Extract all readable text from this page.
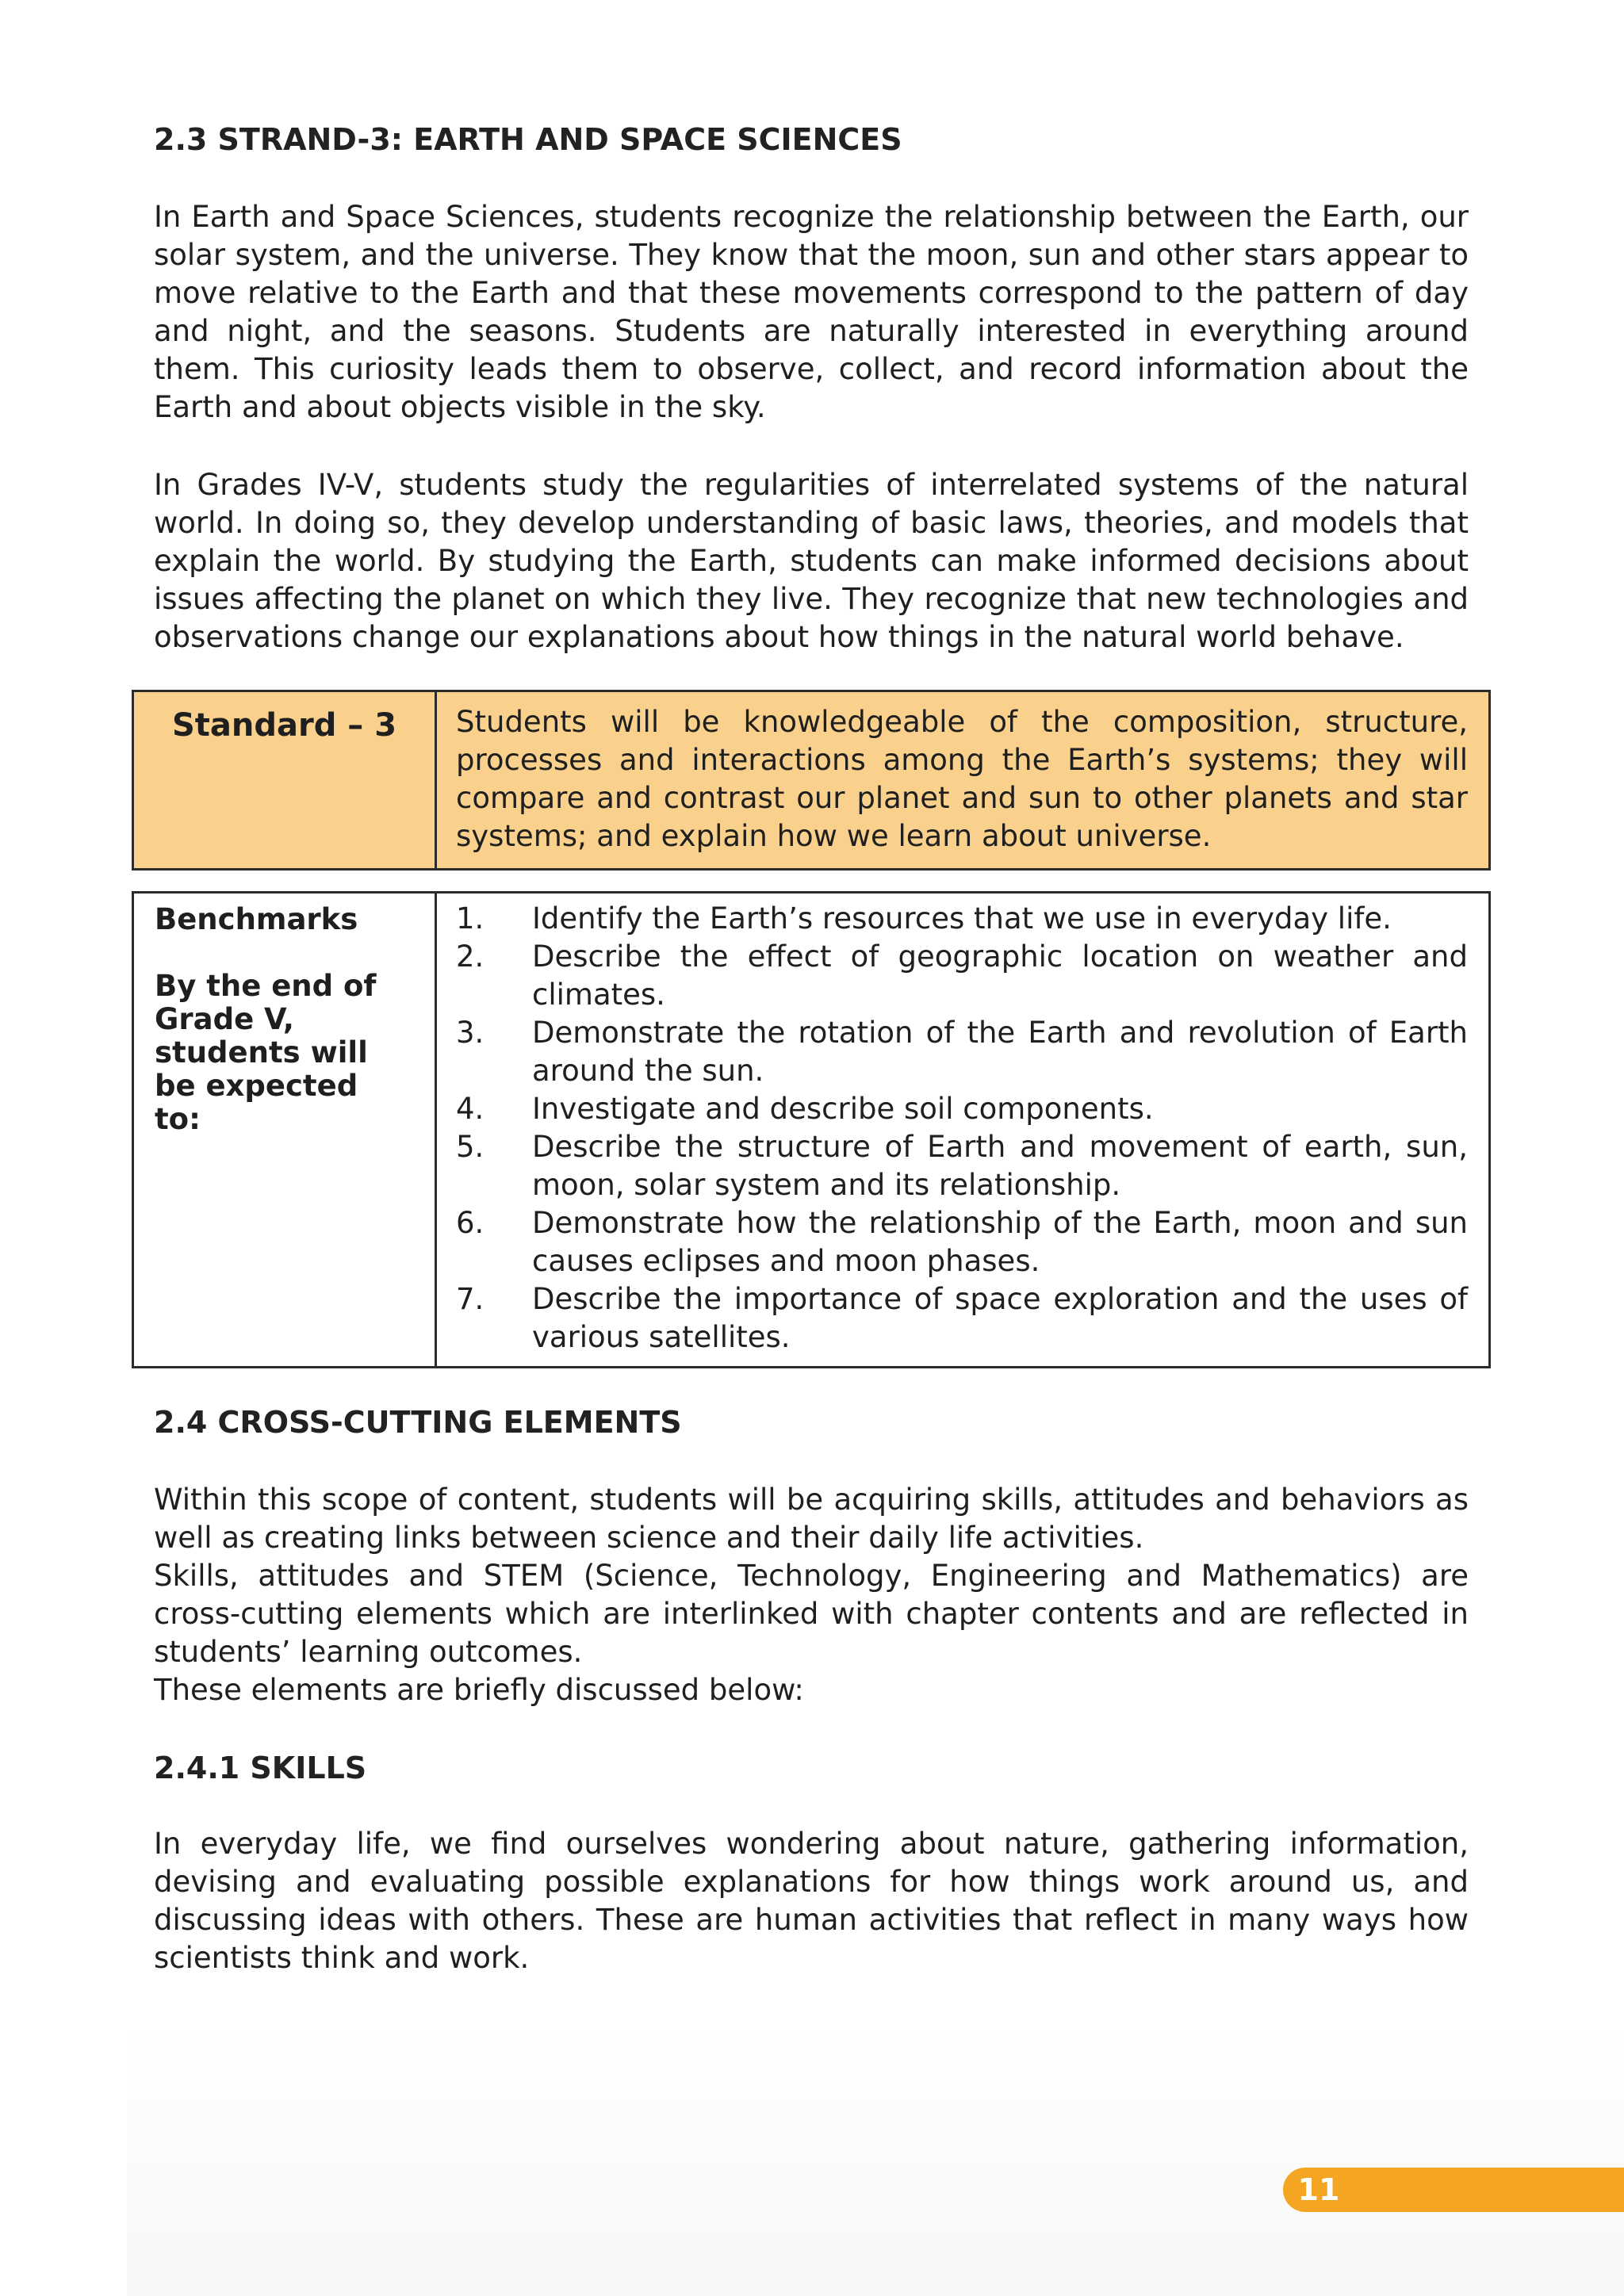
2.3 STRAND-3: EARTH AND SPACE SCIENCES
In Earth and Space Sciences, students recognize the relationship between the Earth, our solar system, and the universe. They know that the moon, sun and other stars appear to move relative to the Earth and that these movements correspond to the pattern of day and night, and the seasons. Students are naturally interested in everything around them. This curiosity leads them to observe, collect, and record information about the Earth and about objects visible in the sky.
In Grades IV-V, students study the regularities of interrelated systems of the natural world. In doing so, they develop understanding of basic laws, theories, and models that explain the world. By studying the Earth, students can make informed decisions about issues affecting the planet on which they live. They recognize that new technologies and observations change our explanations about how things in the natural world behave.
Standard – 3	Students will be knowledgeable of the composition, structure, processes and interactions among the Earth’s systems; they will compare and contrast our planet and sun to other planets and star systems; and explain how we learn about universe.
Benchmarks
By the end of Grade V, students will be expected to:
1.	Identify the Earth’s resources that we use in everyday life.
2.	Describe the effect of geographic location on weather and climates.
3.	Demonstrate the rotation of the Earth and revolution of Earth around the sun.
4.	Investigate and describe soil components.
5.	Describe the structure of Earth and movement of earth, sun, moon, solar system and its relationship.
6.	Demonstrate how the relationship of the Earth, moon and sun causes eclipses and moon phases.
7.	Describe the importance of space exploration and the uses of various satellites.
2.4 CROSS-CUTTING ELEMENTS

Within this scope of content, students will be acquiring skills, attitudes and behaviors as well as creating links between science and their daily life activities.

Skills, attitudes and STEM (Science, Technology, Engineering and Mathematics) are cross-cutting elements which are interlinked with chapter contents and are reflected in students’ learning outcomes.

These elements are briefly discussed below:

2.4.1 SKILLS
In everyday life, we find ourselves wondering about nature, gathering information, devising and evaluating possible explanations for how things work around us, and discussing ideas with others. These are human activities that reflect in many ways how scientists think and work.
11
